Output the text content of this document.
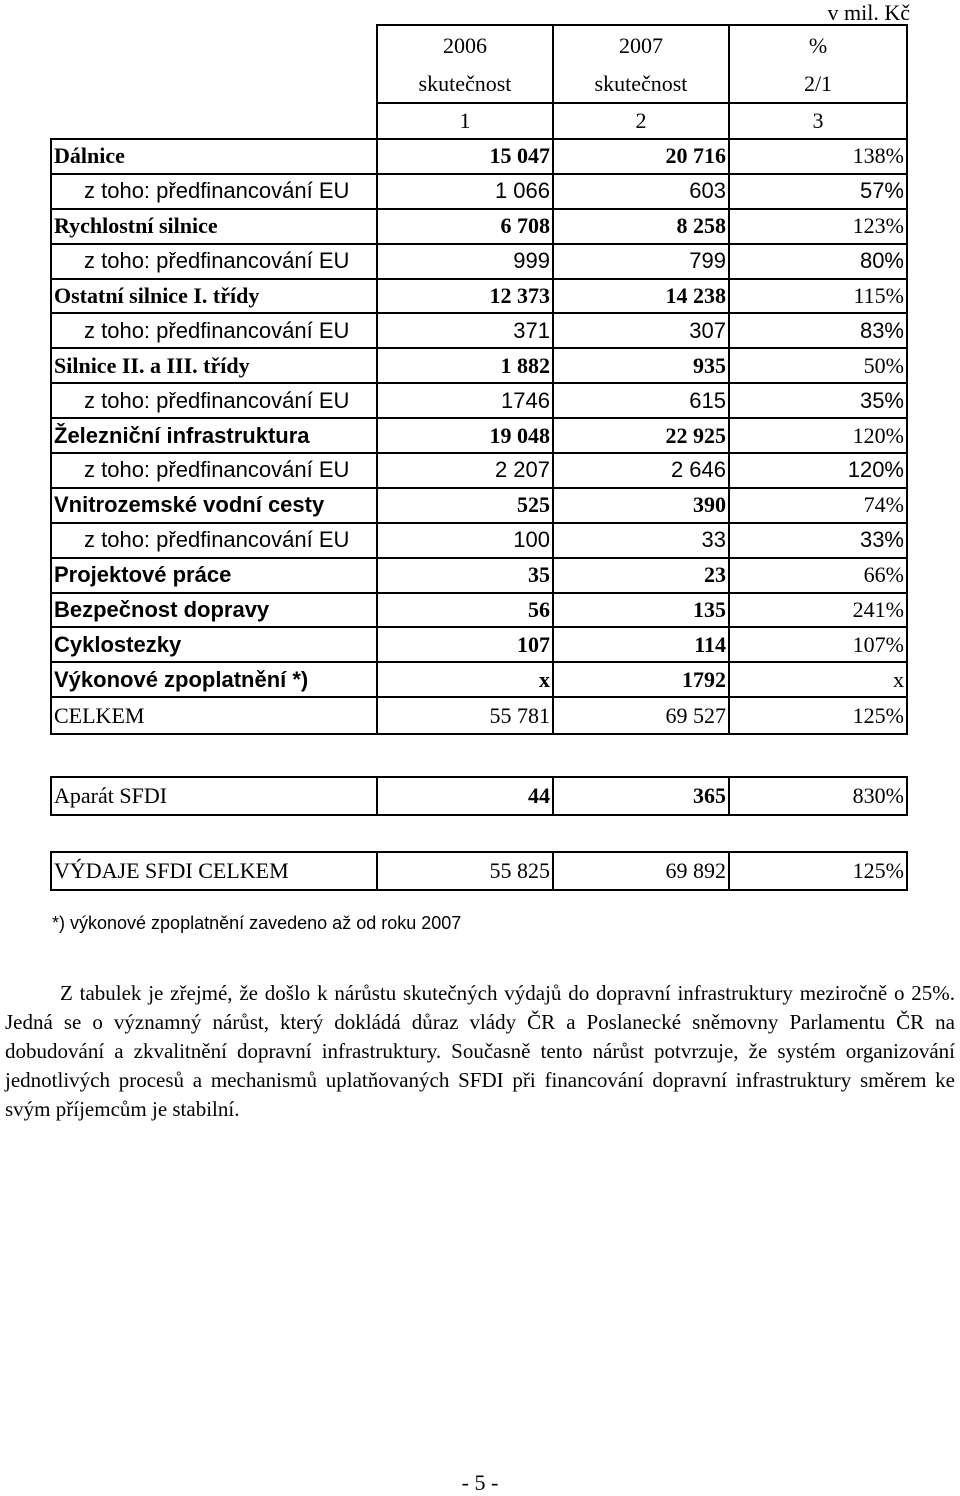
v mil. Kč
	2006	2007	%
	skutečnost	skutečnost	2/1
	1	2	3
Dálnice	15 047	20 716	138%
z toho: předfinancování EU	1 066	603	57%
Rychlostní silnice	6 708	8 258	123%
z toho: předfinancování EU	999	799	80%
Ostatní silnice I. třídy	12 373	14 238	115%
z toho: předfinancování EU	371	307	83%
Silnice II. a III. třídy	1 882	935	50%
z toho: předfinancování EU	1746	615	35%
Železniční infrastruktura	19 048	22 925	120%
z toho: předfinancování EU	2 207	2 646	120%
Vnitrozemské vodní cesty	525	390	74%
z toho: předfinancování EU	100	33	33%
Projektové práce	35	23	66%
Bezpečnost dopravy	56	135	241%
Cyklostezky	107	114	107%
Výkonové zpoplatnění *)	x	1792	x
CELKEM	55 781	69 527	125%
Aparát SFDI	44	365	830%
VÝDAJE SFDI CELKEM	55 825	69 892	125%
*) výkonové zpoplatnění zavedeno až od roku 2007
Z tabulek je zřejmé, že došlo k nárůstu skutečných výdajů do dopravní infrastruktury meziročně o 25%. Jedná se o významný nárůst, který dokládá důraz vlády ČR a Poslanecké sněmovny Parlamentu ČR na dobudování a zkvalitnění dopravní infrastruktury. Současně tento nárůst potvrzuje, že systém organizování jednotlivých procesů a mechanismů uplatňovaných SFDI při financování dopravní infrastruktury směrem ke svým příjemcům je stabilní.
- 5 -
